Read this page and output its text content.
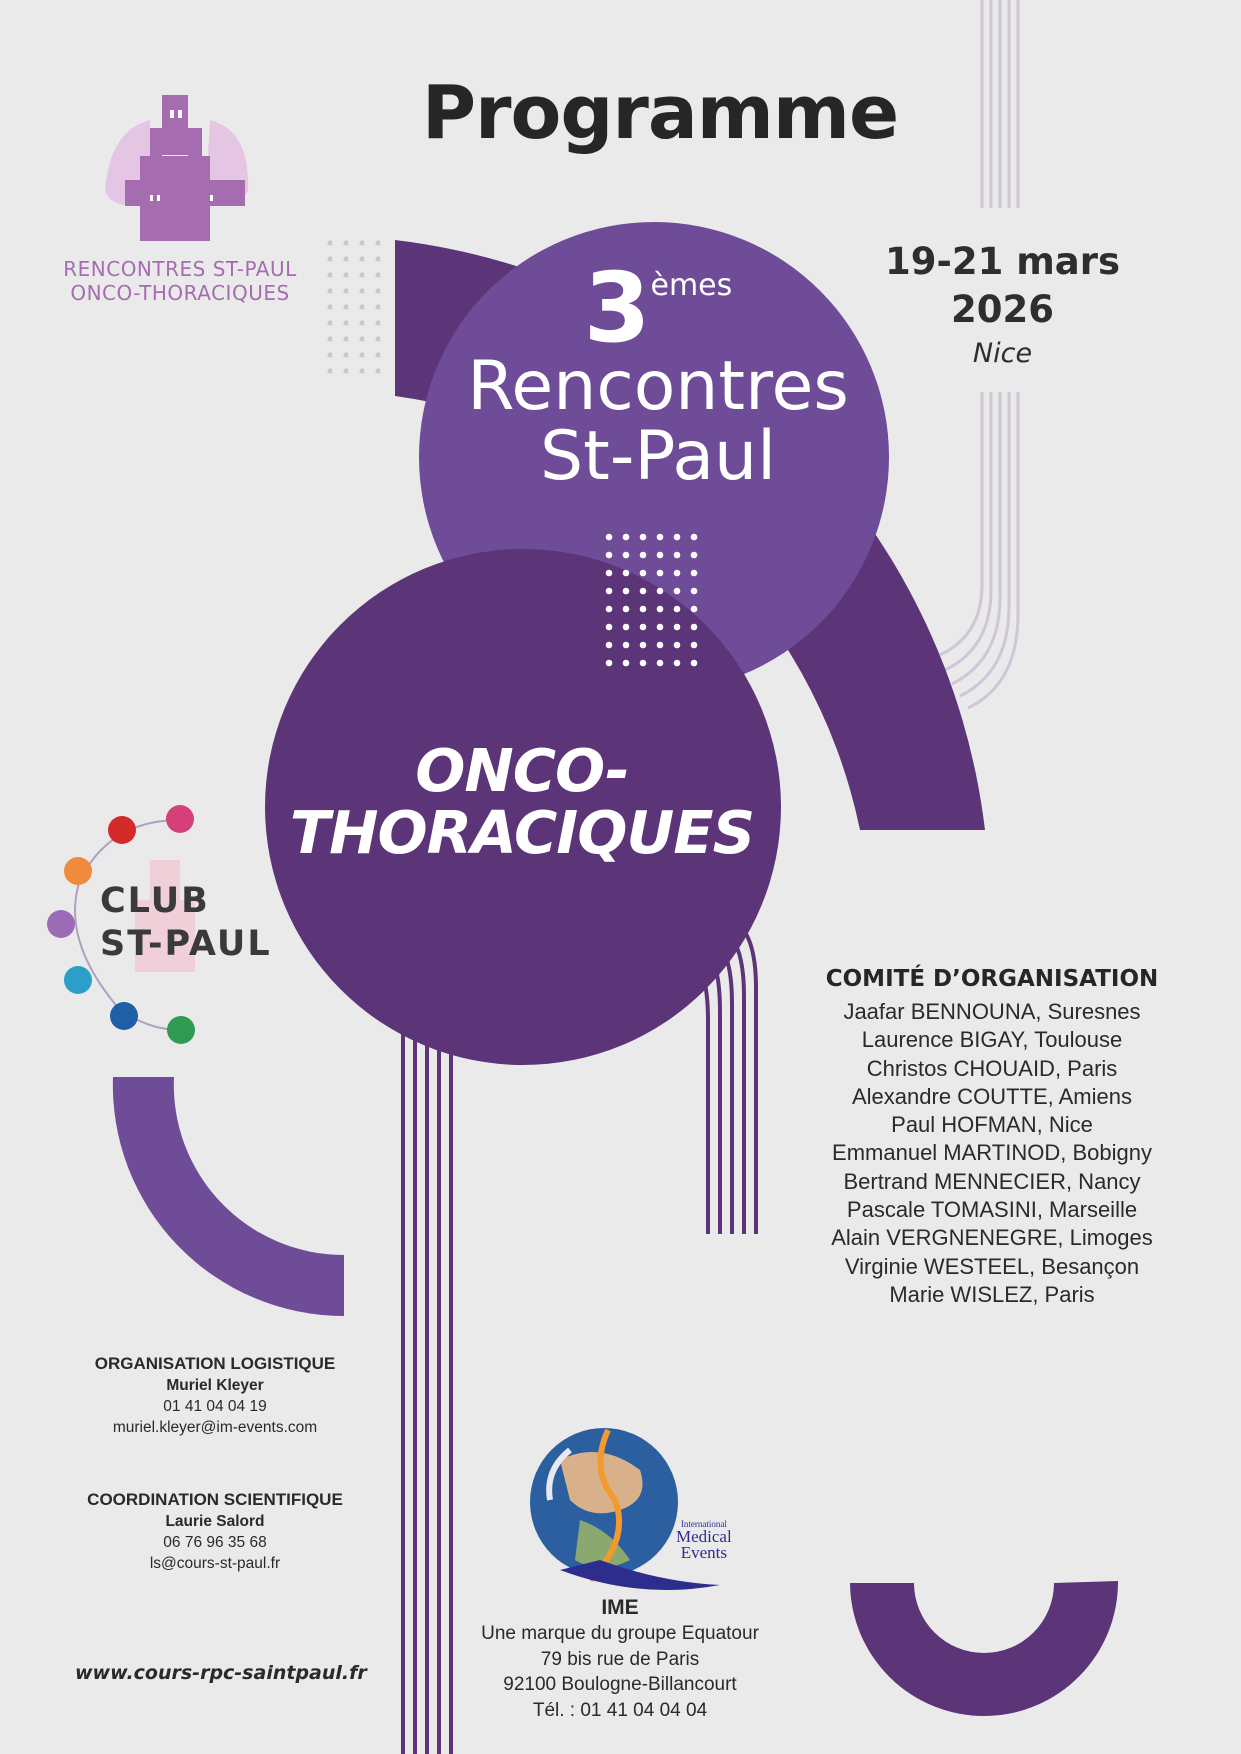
Programme
RENCONTRES ST-PAUL
ONCO-THORACIQUES
19-21 mars
2026
Nice
3èmes
Rencontres
St-Paul
ONCO-
THORACIQUES
CLUB
ST-PAUL
COMITÉ D’ORGANISATION
Jaafar BENNOUNA, Suresnes
Laurence BIGAY, Toulouse
Christos CHOUAID, Paris
Alexandre COUTTE, Amiens
Paul HOFMAN, Nice
Emmanuel MARTINOD, Bobigny
Bertrand MENNECIER, Nancy
Pascale TOMASINI, Marseille
Alain VERGNENEGRE, Limoges
Virginie WESTEEL, Besançon
Marie WISLEZ, Paris
ORGANISATION LOGISTIQUE
Muriel Kleyer
01 41 04 04 19
muriel.kleyer@im-events.com
COORDINATION SCIENTIFIQUE
Laurie Salord
06 76 96 35 68
ls@cours-st-paul.fr
www.cours-rpc-saintpaul.fr
International
Medical
Events
IME
Une marque du groupe Equatour
79 bis rue de Paris
92100 Boulogne-Billancourt
Tél. : 01 41 04 04 04
